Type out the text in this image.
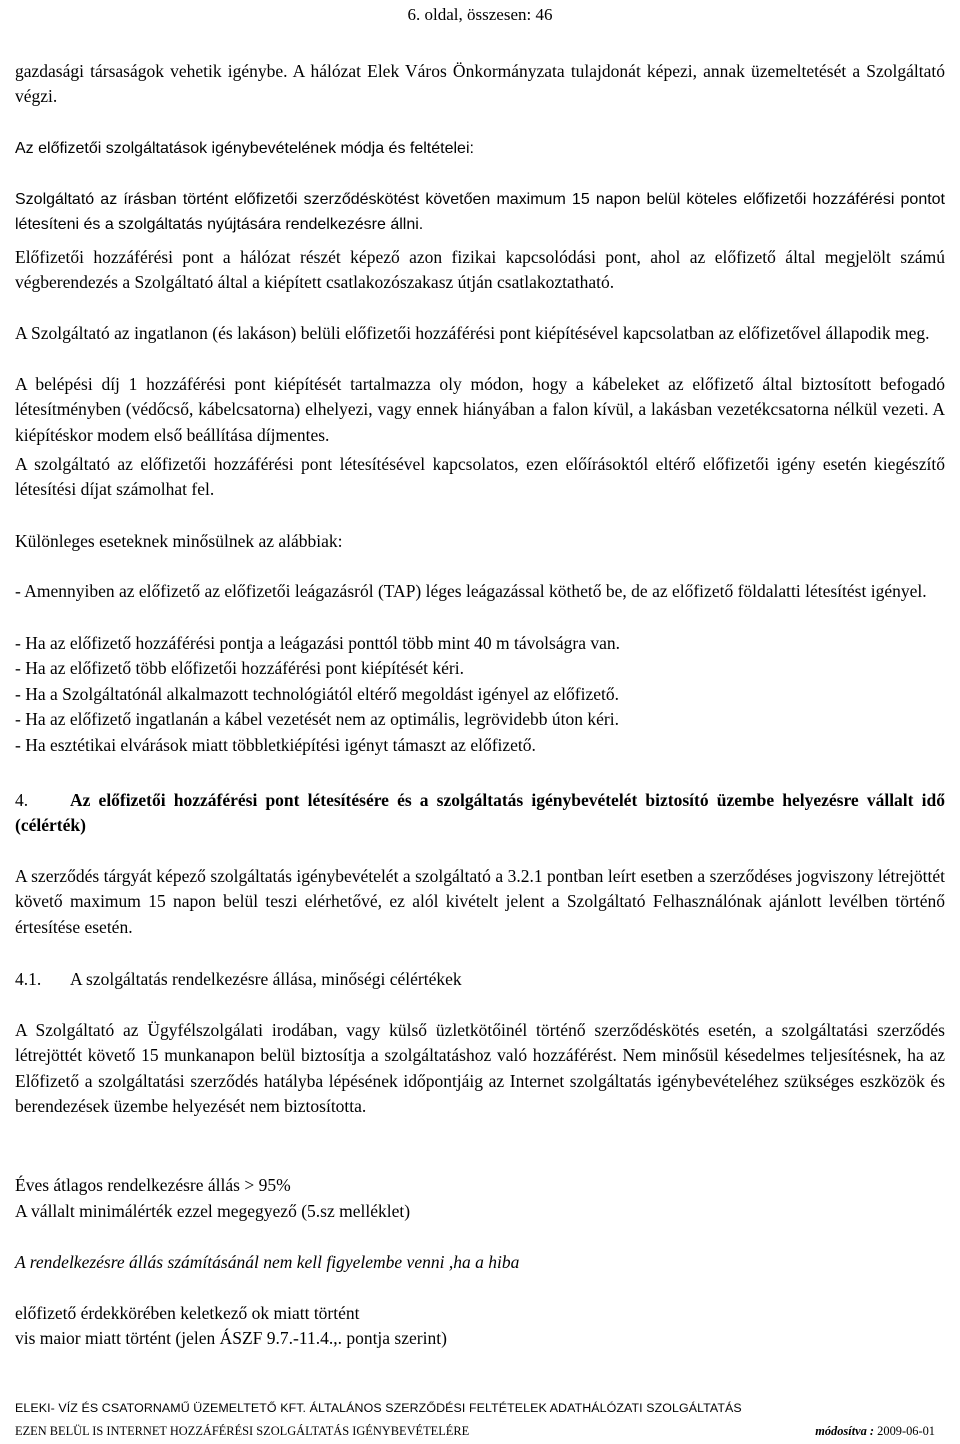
6. oldal, összesen: 46

gazdasági társaságok vehetik igénybe. A hálózat Elek Város Önkormányzata tulajdonát képezi, annak üzemeltetését a Szolgáltató végzi.

Az előfizetői szolgáltatások igénybevételének módja és feltételei:

Szolgáltató az írásban történt előfizetői szerződéskötést követően maximum 15 napon belül köteles előfizetői hozzáférési pontot létesíteni és a szolgáltatás nyújtására rendelkezésre állni.

Előfizetői hozzáférési pont a hálózat részét képező azon fizikai kapcsolódási pont, ahol az előfizető által megjelölt számú végberendezés a Szolgáltató által a kiépített csatlakozószakasz útján csatlakoztatható.

A Szolgáltató az ingatlanon (és lakáson) belüli előfizetői hozzáférési pont kiépítésével kapcsolatban az előfizetővel állapodik meg.

A belépési díj 1 hozzáférési pont kiépítését tartalmazza oly módon, hogy a kábeleket az előfizető által biztosított befogadó létesítményben (védőcső, kábelcsatorna) elhelyezi, vagy ennek hiányában a falon kívül, a lakásban vezetékcsatorna nélkül vezeti. A kiépítéskor modem első beállítása díjmentes.

A szolgáltató az előfizetői hozzáférési pont létesítésével kapcsolatos, ezen előírásoktól eltérő előfizetői igény esetén kiegészítő létesítési díjat számolhat fel.

Különleges eseteknek minősülnek az alábbiak:

- Amennyiben az előfizető az előfizetői leágazásról (TAP) léges leágazással köthető be, de az előfizető földalatti létesítést igényel.

- Ha az előfizető hozzáférési pontja a leágazási ponttól több mint 40 m távolságra van.

- Ha az előfizető több előfizetői hozzáférési pont kiépítését kéri.

- Ha a Szolgáltatónál alkalmazott technológiától eltérő megoldást igényel az előfizető.

- Ha az előfizető ingatlanán a kábel vezetését nem az optimális, legrövidebb úton kéri.

- Ha esztétikai elvárások miatt többletkiépítési igényt támaszt az előfizető.

4. Az előfizetői hozzáférési pont létesítésére és a szolgáltatás igénybevételét biztosító üzembe helyezésre vállalt idő (célérték)

A szerződés tárgyát képező szolgáltatás igénybevételét a szolgáltató a 3.2.1 pontban leírt esetben a szerződéses jogviszony létrejöttét követő maximum 15 napon belül teszi elérhetővé, ez alól kivételt jelent a Szolgáltató Felhasználónak ajánlott levélben történő értesítése esetén.

4.1. A szolgáltatás rendelkezésre állása, minőségi célértékek

A Szolgáltató az Ügyfélszolgálati irodában, vagy külső üzletkötőinél történő szerződéskötés esetén, a szolgáltatási szerződés létrejöttét követő 15 munkanapon belül biztosítja a szolgáltatáshoz való hozzáférést. Nem minősül késedelmes teljesítésnek, ha az Előfizető a szolgáltatási szerződés hatályba lépésének időpontjáig az Internet szolgáltatás igénybevételéhez szükséges eszközök és berendezések üzembe helyezését nem biztosította.

Éves átlagos rendelkezésre állás > 95%

A vállalt minimálérték ezzel megegyező (5.sz melléklet)

A rendelkezésre állás számításánál nem kell figyelembe venni ,ha a hiba

előfizető érdekkörében keletkező ok miatt történt

vis maior miatt történt (jelen ÁSZF 9.7.-11.4.,. pontja szerint)

ELEKI- VÍZ ÉS CSATORNAMŰ ÜZEMELTETŐ KFT. ÁLTALÁNOS SZERZŐDÉSI FELTÉTELEK ADATHÁLÓZATI SZOLGÁLTATÁS
EZEN BELÜL IS INTERNET HOZZÁFÉRÉSI SZOLGÁLTATÁS IGÉNYBEVÉTELÉRE	módosítva : 2009-06-01
